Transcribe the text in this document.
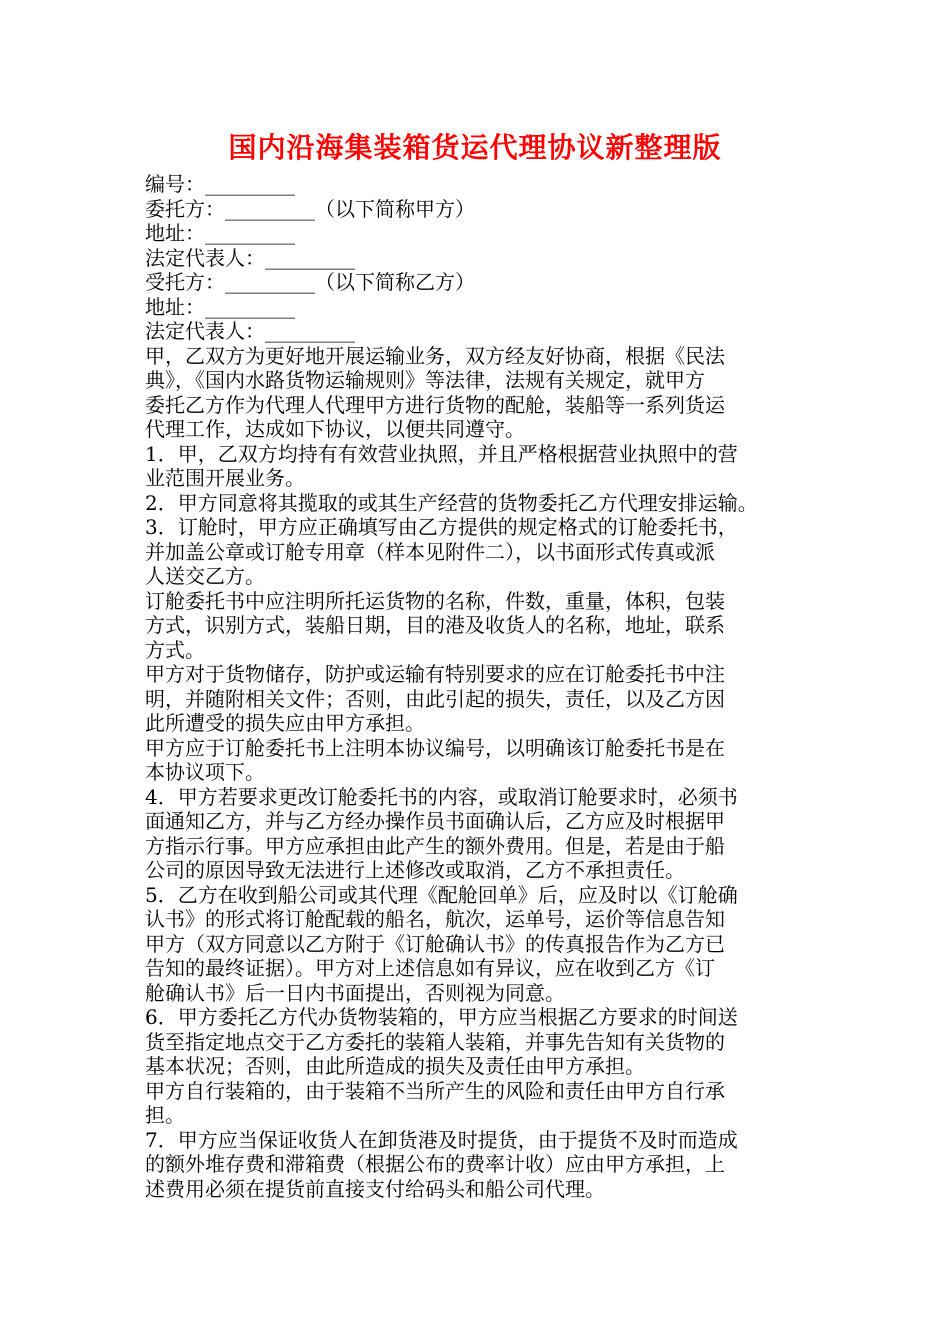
国内沿海集装箱货运代理协议新整理版
编号：_________
委托方：_________（以下简称甲方）
地址：_________
法定代表人：_________
受托方：_________（以下简称乙方）
地址：_________
法定代表人：_________
甲，乙双方为更好地开展运输业务，双方经友好协商，根据《民法
典》，《国内水路货物运输规则》等法律，法规有关规定，就甲方
委托乙方作为代理人代理甲方进行货物的配舱，装船等一系列货运
代理工作，达成如下协议，以便共同遵守。
1．甲，乙双方均持有有效营业执照，并且严格根据营业执照中的营
业范围开展业务。
2．甲方同意将其揽取的或其生产经营的货物委托乙方代理安排运输。
3．订舱时，甲方应正确填写由乙方提供的规定格式的订舱委托书，
并加盖公章或订舱专用章（样本见附件二），以书面形式传真或派
人送交乙方。
订舱委托书中应注明所托运货物的名称，件数，重量，体积，包装
方式，识别方式，装船日期，目的港及收货人的名称，地址，联系
方式。
甲方对于货物储存，防护或运输有特别要求的应在订舱委托书中注
明，并随附相关文件；否则，由此引起的损失，责任，以及乙方因
此所遭受的损失应由甲方承担。
甲方应于订舱委托书上注明本协议编号，以明确该订舱委托书是在
本协议项下。
4．甲方若要求更改订舱委托书的内容，或取消订舱要求时，必须书
面通知乙方，并与乙方经办操作员书面确认后，乙方应及时根据甲
方指示行事。甲方应承担由此产生的额外费用。但是，若是由于船
公司的原因导致无法进行上述修改或取消，乙方不承担责任。
5．乙方在收到船公司或其代理《配舱回单》后，应及时以《订舱确
认书》的形式将订舱配载的船名，航次，运单号，运价等信息告知
甲方（双方同意以乙方附于《订舱确认书》的传真报告作为乙方已
告知的最终证据）。甲方对上述信息如有异议，应在收到乙方《订
舱确认书》后一日内书面提出，否则视为同意。
6．甲方委托乙方代办货物装箱的，甲方应当根据乙方要求的时间送
货至指定地点交于乙方委托的装箱人装箱，并事先告知有关货物的
基本状况；否则，由此所造成的损失及责任由甲方承担。
甲方自行装箱的，由于装箱不当所产生的风险和责任由甲方自行承
担。
7．甲方应当保证收货人在卸货港及时提货，由于提货不及时而造成
的额外堆存费和滞箱费（根据公布的费率计收）应由甲方承担，上
述费用必须在提货前直接支付给码头和船公司代理。
